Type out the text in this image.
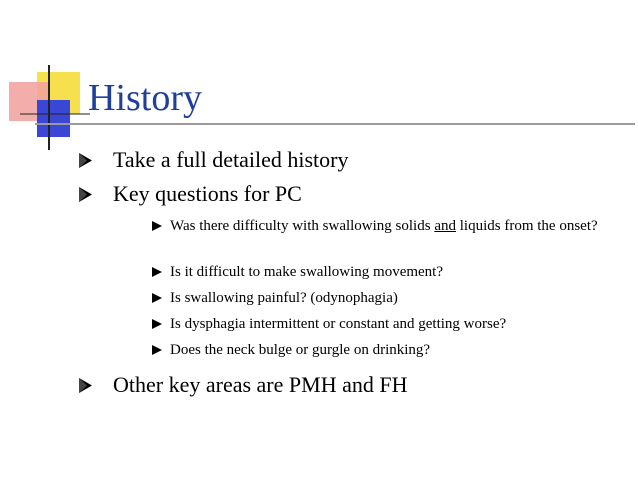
History
Take a full detailed history
Key questions for PC
Was there difficulty with swallowing solids and liquids from the onset?
Is it difficult to make swallowing movement?
Is swallowing painful? (odynophagia)
Is dysphagia intermittent or constant and getting worse?
Does the neck bulge or gurgle on drinking?
Other key areas are PMH and FH
